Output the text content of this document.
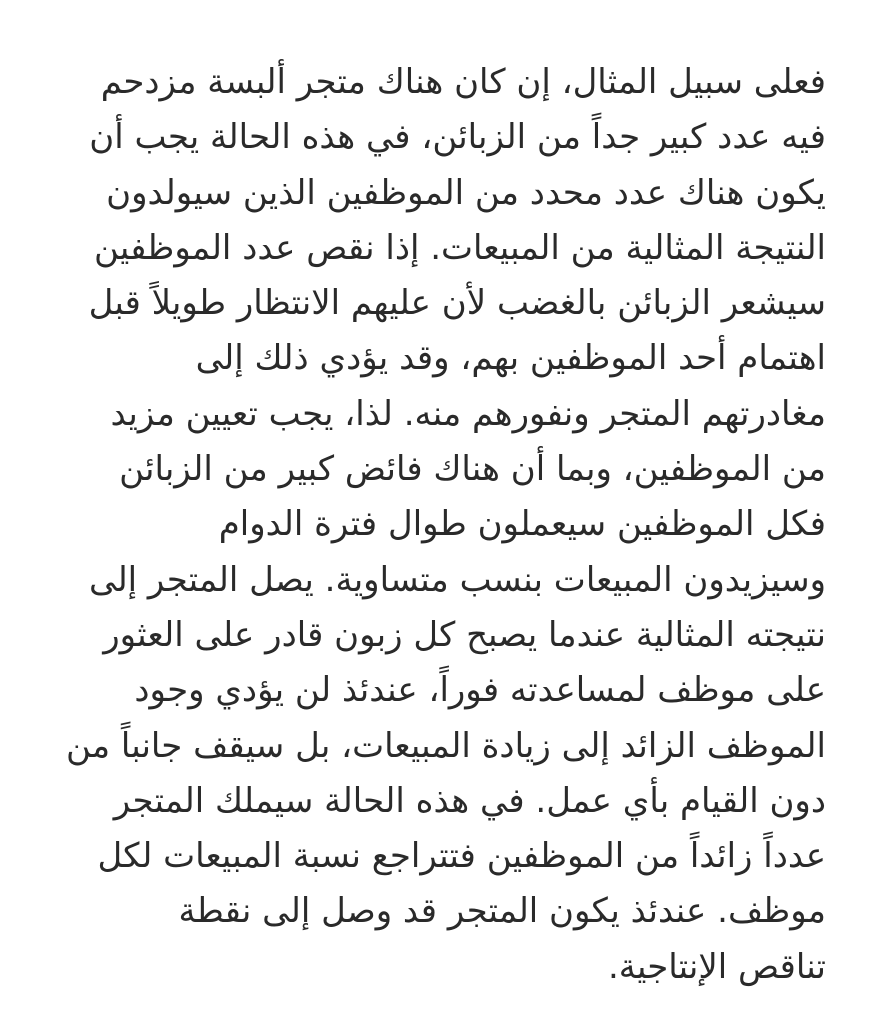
فعلى سبيل المثال، إن كان هناك متجر ألبسة مزدحم
فيه عدد كبير جداً من الزبائن، في هذه الحالة يجب أن
يكون هناك عدد محدد من الموظفين الذين سيولدون
النتيجة المثالية من المبيعات. إذا نقص عدد الموظفين
سيشعر الزبائن بالغضب لأن عليهم الانتظار طويلاً قبل
اهتمام أحد الموظفين بهم، وقد يؤدي ذلك إلى
مغادرتهم المتجر ونفورهم منه. لذا، يجب تعيين مزيد
من الموظفين، وبما أن هناك فائض كبير من الزبائن
فكل الموظفين سيعملون طوال فترة الدوام
وسيزيدون المبيعات بنسب متساوية. يصل المتجر إلى
نتيجته المثالية عندما يصبح كل زبون قادر على العثور
على موظف لمساعدته فوراً، عندئذ لن يؤدي وجود
الموظف الزائد إلى زيادة المبيعات، بل سيقف جانباً من
دون القيام بأي عمل. في هذه الحالة سيملك المتجر
عدداً زائداً من الموظفين فتتراجع نسبة المبيعات لكل
موظف. عندئذ يكون المتجر قد وصل إلى نقطة
تناقص الإنتاجية.
